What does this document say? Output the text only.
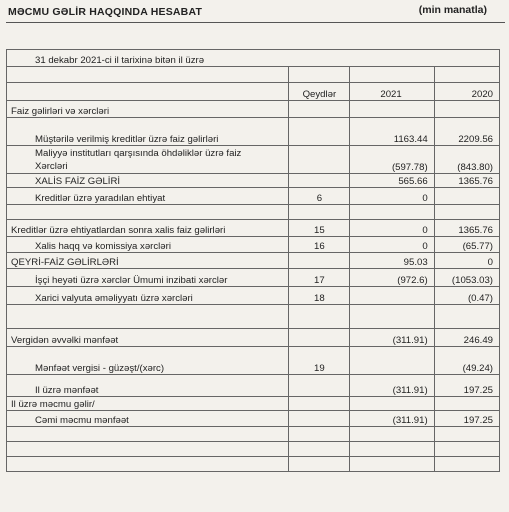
MƏCMU GƏLİR HAQQINDA HESABAT	(min manatla)
31 dekabr 2021-ci il tarixinə bitən il üzrə			

	Qeydlər	2021	2020
Faiz gəlirləri və xərcləri			
Müştərilə verilmiş kreditlər üzrə faiz gəlirləri		1163.44	2209.56
Maliyyə institutları qarşısında öhdəliklər üzrə faiz
Xərcləri		(597.78)	(843.80)
XALİS FAİZ GƏLİRİ		565.66	1365.76
Kreditlər üzrə yaradılan ehtiyat	6	0	

Kreditlər üzrə ehtiyatlardan sonra xalis faiz gəlirləri	15	0	1365.76
Xalis haqq və komissiya xərcləri	16	0	(65.77)
QEYRİ-FAİZ GƏLİRLƏRİ		95.03	0
İşçi heyəti üzrə xərclər Ümumi inzibati xərclər	17	(972.6)	(1053.03)
Xarici valyuta əməliyyatı üzrə xərcləri	18		(0.47)

Vergidən əvvəlki mənfəət		(311.91)	246.49
Mənfəət vergisi - güzəşt/(xərc)	19		(49.24)
Il üzrə mənfəət		(311.91)	197.25
Il üzrə məcmu gəlir/			
Cəmi məcmu mənfəət		(311.91)	197.25
